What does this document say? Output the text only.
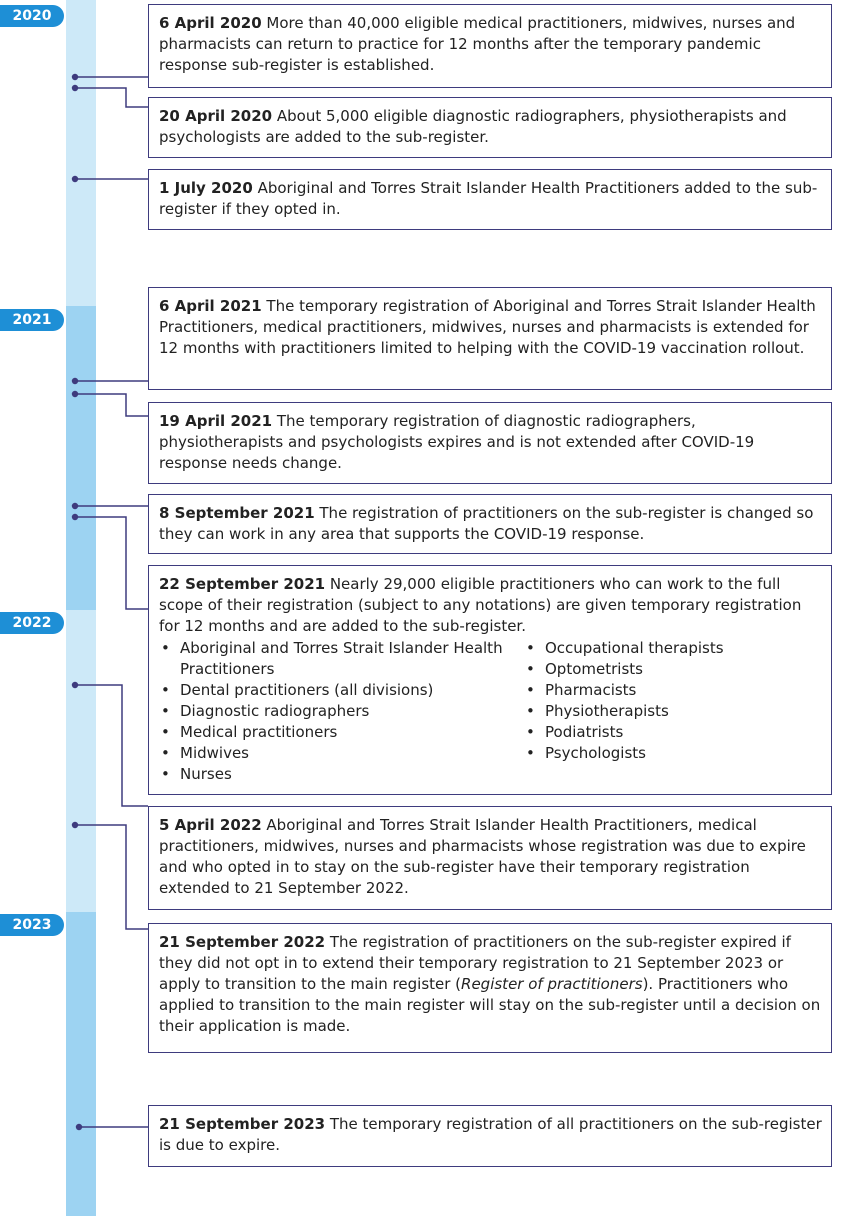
2020
2021
2022
2023
6 April 2020 More than 40,000 eligible medical practitioners, midwives, nurses and pharmacists can return to practice for 12 months after the temporary pandemic response sub-register is established.
20 April 2020 About 5,000 eligible diagnostic radiographers, physiotherapists and psychologists are added to the sub-register.
1 July 2020 Aboriginal and Torres Strait Islander Health Practitioners added to the sub-register if they opted in.
6 April 2021 The temporary registration of Aboriginal and Torres Strait Islander Health Practitioners, medical practitioners, midwives, nurses and pharmacists is extended for 12 months with practitioners limited to helping with the COVID-19 vaccination rollout.
19 April 2021 The temporary registration of diagnostic radiographers, physiotherapists and psychologists expires and is not extended after COVID-19 response needs change.
8 September 2021 The registration of practitioners on the sub-register is changed so they can work in any area that supports the COVID-19 response.
22 September 2021 Nearly 29,000 eligible practitioners who can work to the full scope of their registration (subject to any notations) are given temporary registration for 12 months and are added to the sub-register.
• Aboriginal and Torres Strait Islander Health Practitioners
• Dental practitioners (all divisions)
• Diagnostic radiographers
• Medical practitioners
• Midwives
• Nurses
• Occupational therapists
• Optometrists
• Pharmacists
• Physiotherapists
• Podiatrists
• Psychologists
5 April 2022 Aboriginal and Torres Strait Islander Health Practitioners, medical practitioners, midwives, nurses and pharmacists whose registration was due to expire and who opted in to stay on the sub-register have their temporary registration extended to 21 September 2022.
21 September 2022 The registration of practitioners on the sub-register expired if they did not opt in to extend their temporary registration to 21 September 2023 or apply to transition to the main register (Register of practitioners). Practitioners who applied to transition to the main register will stay on the sub-register until a decision on their application is made.
21 September 2023 The temporary registration of all practitioners on the sub-register is due to expire.
